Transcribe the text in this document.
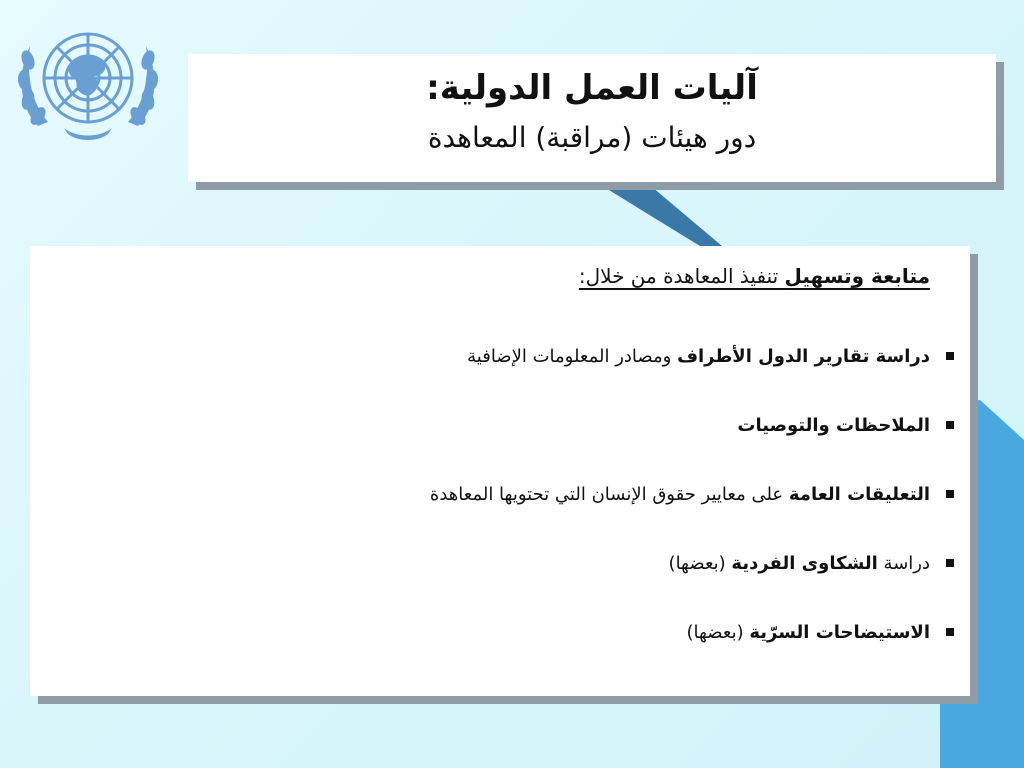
آليات العمل الدولية:
دور هيئات (مراقبة) المعاهدة
متابعة وتسهيل تنفيذ المعاهدة من خلال:
دراسة تقارير الدول الأطراف ومصادر المعلومات الإضافية
الملاحظات والتوصيات
التعليقات العامة على معايير حقوق الإنسان التي تحتويها المعاهدة
دراسة الشكاوى الفردية (بعضها)
الاستيضاحات السرّية (بعضها)
